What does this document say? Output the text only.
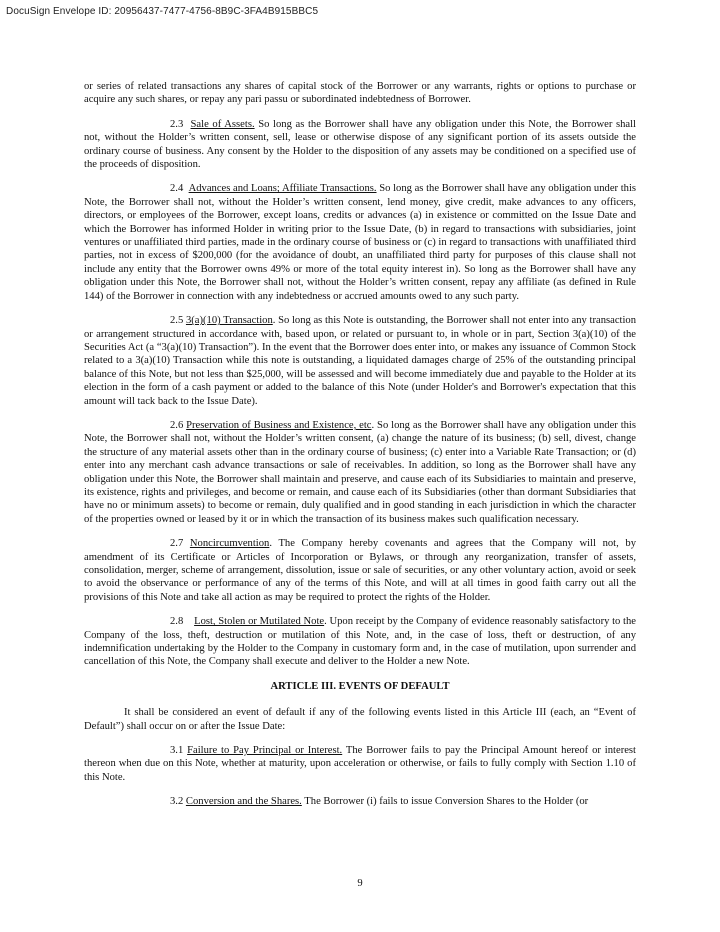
DocuSign Envelope ID: 20956437-7477-4756-8B9C-3FA4B915BBC5

or series of related transactions any shares of capital stock of the Borrower or any warrants, rights or options to purchase or acquire any such shares, or repay any pari passu or subordinated indebtedness of Borrower.

2.3 Sale of Assets. So long as the Borrower shall have any obligation under this Note, the Borrower shall not, without the Holder’s written consent, sell, lease or otherwise dispose of any significant portion of its assets outside the ordinary course of business. Any consent by the Holder to the disposition of any assets may be conditioned on a specified use of the proceeds of disposition.

2.4 Advances and Loans; Affiliate Transactions. So long as the Borrower shall have any obligation under this Note, the Borrower shall not, without the Holder’s written consent, lend money, give credit, make advances to any officers, directors, or employees of the Borrower, except loans, credits or advances (a) in existence or committed on the Issue Date and which the Borrower has informed Holder in writing prior to the Issue Date, (b) in regard to transactions with subsidiaries, joint ventures or unaffiliated third parties, made in the ordinary course of business or (c) in regard to transactions with unaffiliated third parties, not in excess of $200,000 (for the avoidance of doubt, an unaffiliated third party for purposes of this clause shall not include any entity that the Borrower owns 49% or more of the total equity interest in). So long as the Borrower shall have any obligation under this Note, the Borrower shall not, without the Holder’s written consent, repay any affiliate (as defined in Rule 144) of the Borrower in connection with any indebtedness or accrued amounts owed to any such party.

2.5 3(a)(10) Transaction. So long as this Note is outstanding, the Borrower shall not enter into any transaction or arrangement structured in accordance with, based upon, or related or pursuant to, in whole or in part, Section 3(a)(10) of the Securities Act (a “3(a)(10) Transaction”). In the event that the Borrower does enter into, or makes any issuance of Common Stock related to a 3(a)(10) Transaction while this note is outstanding, a liquidated damages charge of 25% of the outstanding principal balance of this Note, but not less than $25,000, will be assessed and will become immediately due and payable to the Holder at its election in the form of a cash payment or added to the balance of this Note (under Holder's and Borrower's expectation that this amount will tack back to the Issue Date).

2.6 Preservation of Business and Existence, etc. So long as the Borrower shall have any obligation under this Note, the Borrower shall not, without the Holder’s written consent, (a) change the nature of its business; (b) sell, divest, change the structure of any material assets other than in the ordinary course of business; (c) enter into a Variable Rate Transaction; or (d) enter into any merchant cash advance transactions or sale of receivables. In addition, so long as the Borrower shall have any obligation under this Note, the Borrower shall maintain and preserve, and cause each of its Subsidiaries to maintain and preserve, its existence, rights and privileges, and become or remain, and cause each of its Subsidiaries (other than dormant Subsidiaries that have no or minimum assets) to become or remain, duly qualified and in good standing in each jurisdiction in which the character of the properties owned or leased by it or in which the transaction of its business makes such qualification necessary.

2.7 Noncircumvention. The Company hereby covenants and agrees that the Company will not, by amendment of its Certificate or Articles of Incorporation or Bylaws, or through any reorganization, transfer of assets, consolidation, merger, scheme of arrangement, dissolution, issue or sale of securities, or any other voluntary action, avoid or seek to avoid the observance or performance of any of the terms of this Note, and will at all times in good faith carry out all the provisions of this Note and take all action as may be required to protect the rights of the Holder.

2.8 Lost, Stolen or Mutilated Note. Upon receipt by the Company of evidence reasonably satisfactory to the Company of the loss, theft, destruction or mutilation of this Note, and, in the case of loss, theft or destruction, of any indemnification undertaking by the Holder to the Company in customary form and, in the case of mutilation, upon surrender and cancellation of this Note, the Company shall execute and deliver to the Holder a new Note.

ARTICLE III. EVENTS OF DEFAULT

It shall be considered an event of default if any of the following events listed in this Article III (each, an “Event of Default”) shall occur on or after the Issue Date:

3.1 Failure to Pay Principal or Interest. The Borrower fails to pay the Principal Amount hereof or interest thereon when due on this Note, whether at maturity, upon acceleration or otherwise, or fails to fully comply with Section 1.10 of this Note.

3.2 Conversion and the Shares. The Borrower (i) fails to issue Conversion Shares to the Holder (or

9
